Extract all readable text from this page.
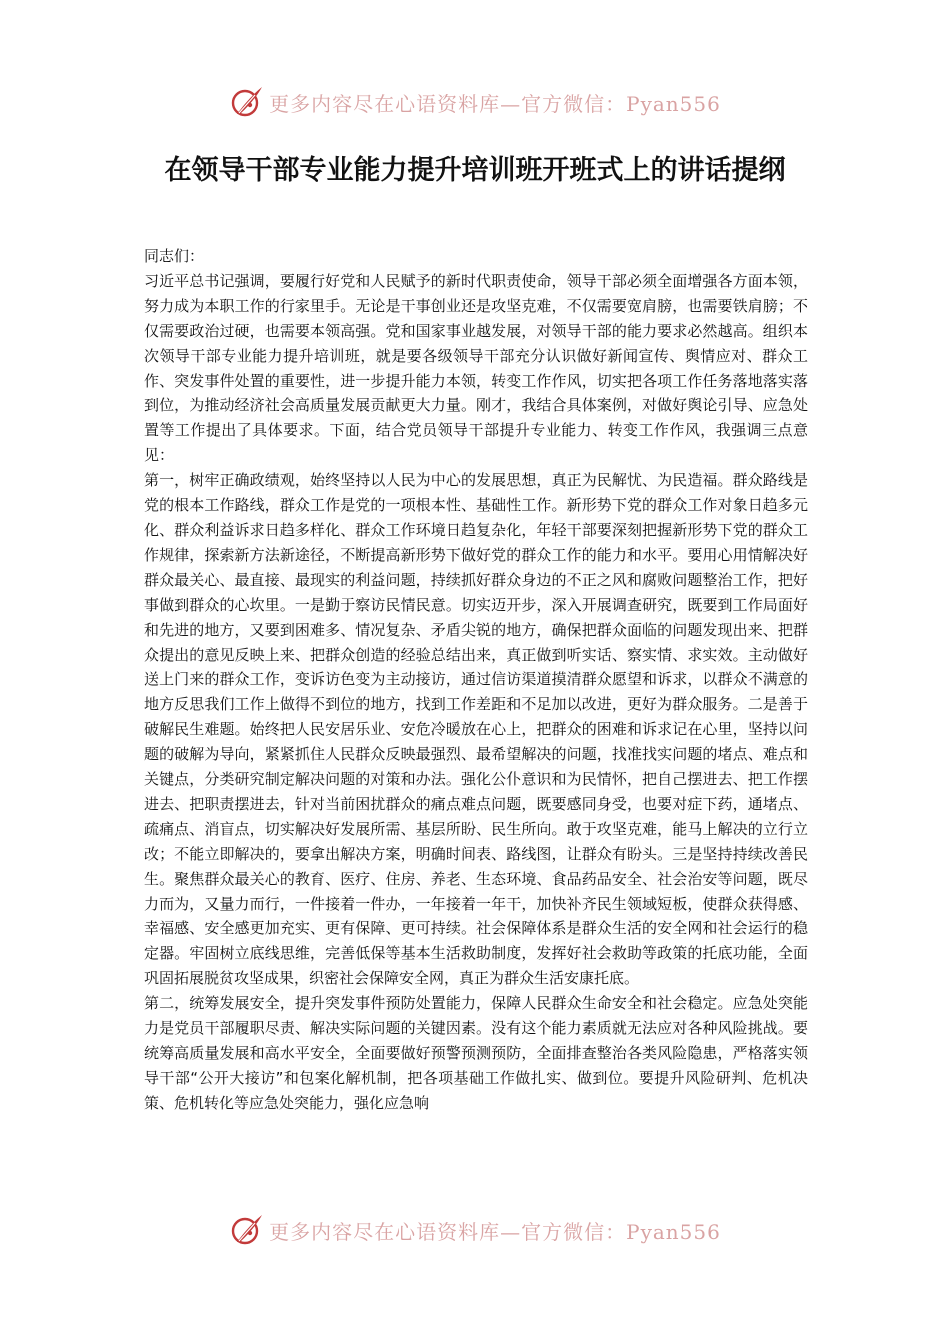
更多内容尽在心语资料库—官方微信：Pyan556
在领导干部专业能力提升培训班开班式上的讲话提纲

同志们：

习近平总书记强调，要履行好党和人民赋予的新时代职责使命，领导干部必须全面增强各方面本领，努力成为本职工作的行家里手。无论是干事创业还是攻坚克难，不仅需要宽肩膀，也需要铁肩膀；不仅需要政治过硬，也需要本领高强。党和国家事业越发展，对领导干部的能力要求必然越高。组织本次领导干部专业能力提升培训班，就是要各级领导干部充分认识做好新闻宣传、舆情应对、群众工作、突发事件处置的重要性，进一步提升能力本领，转变工作作风，切实把各项工作任务落地落实落到位，为推动经济社会高质量发展贡献更大力量。刚才，我结合具体案例，对做好舆论引导、应急处置等工作提出了具体要求。下面，结合党员领导干部提升专业能力、转变工作作风，我强调三点意见：

第一，树牢正确政绩观，始终坚持以人民为中心的发展思想，真正为民解忧、为民造福。群众路线是党的根本工作路线，群众工作是党的一项根本性、基础性工作。新形势下党的群众工作对象日趋多元化、群众利益诉求日趋多样化、群众工作环境日趋复杂化，年轻干部要深刻把握新形势下党的群众工作规律，探索新方法新途径，不断提高新形势下做好党的群众工作的能力和水平。要用心用情解决好群众最关心、最直接、最现实的利益问题，持续抓好群众身边的不正之风和腐败问题整治工作，把好事做到群众的心坎里。一是勤于察访民情民意。切实迈开步，深入开展调查研究，既要到工作局面好和先进的地方，又要到困难多、情况复杂、矛盾尖锐的地方，确保把群众面临的问题发现出来、把群众提出的意见反映上来、把群众创造的经验总结出来，真正做到听实话、察实情、求实效。主动做好送上门来的群众工作，变诉访色变为主动接访，通过信访渠道摸清群众愿望和诉求，以群众不满意的地方反思我们工作上做得不到位的地方，找到工作差距和不足加以改进，更好为群众服务。二是善于破解民生难题。始终把人民安居乐业、安危冷暖放在心上，把群众的困难和诉求记在心里，坚持以问题的破解为导向，紧紧抓住人民群众反映最强烈、最希望解决的问题，找准找实问题的堵点、难点和关键点，分类研究制定解决问题的对策和办法。强化公仆意识和为民情怀，把自己摆进去、把工作摆进去、把职责摆进去，针对当前困扰群众的痛点难点问题，既要感同身受，也要对症下药，通堵点、疏痛点、消盲点，切实解决好发展所需、基层所盼、民生所向。敢于攻坚克难，能马上解决的立行立改；不能立即解决的，要拿出解决方案，明确时间表、路线图，让群众有盼头。三是坚持持续改善民生。聚焦群众最关心的教育、医疗、住房、养老、生态环境、食品药品安全、社会治安等问题，既尽力而为，又量力而行，一件接着一件办，一年接着一年干，加快补齐民生领域短板，使群众获得感、幸福感、安全感更加充实、更有保障、更可持续。社会保障体系是群众生活的安全网和社会运行的稳定器。牢固树立底线思维，完善低保等基本生活救助制度，发挥好社会救助等政策的托底功能，全面巩固拓展脱贫攻坚成果，织密社会保障安全网，真正为群众生活安康托底。

第二，统筹发展安全，提升突发事件预防处置能力，保障人民群众生命安全和社会稳定。应急处突能力是党员干部履职尽责、解决实际问题的关键因素。没有这个能力素质就无法应对各种风险挑战。要统筹高质量发展和高水平安全，全面要做好预警预测预防，全面排查整治各类风险隐患，严格落实领导干部“公开大接访”和包案化解机制，把各项基础工作做扎实、做到位。要提升风险研判、危机决策、危机转化等应急处突能力，强化应急响

更多内容尽在心语资料库—官方微信：Pyan556
